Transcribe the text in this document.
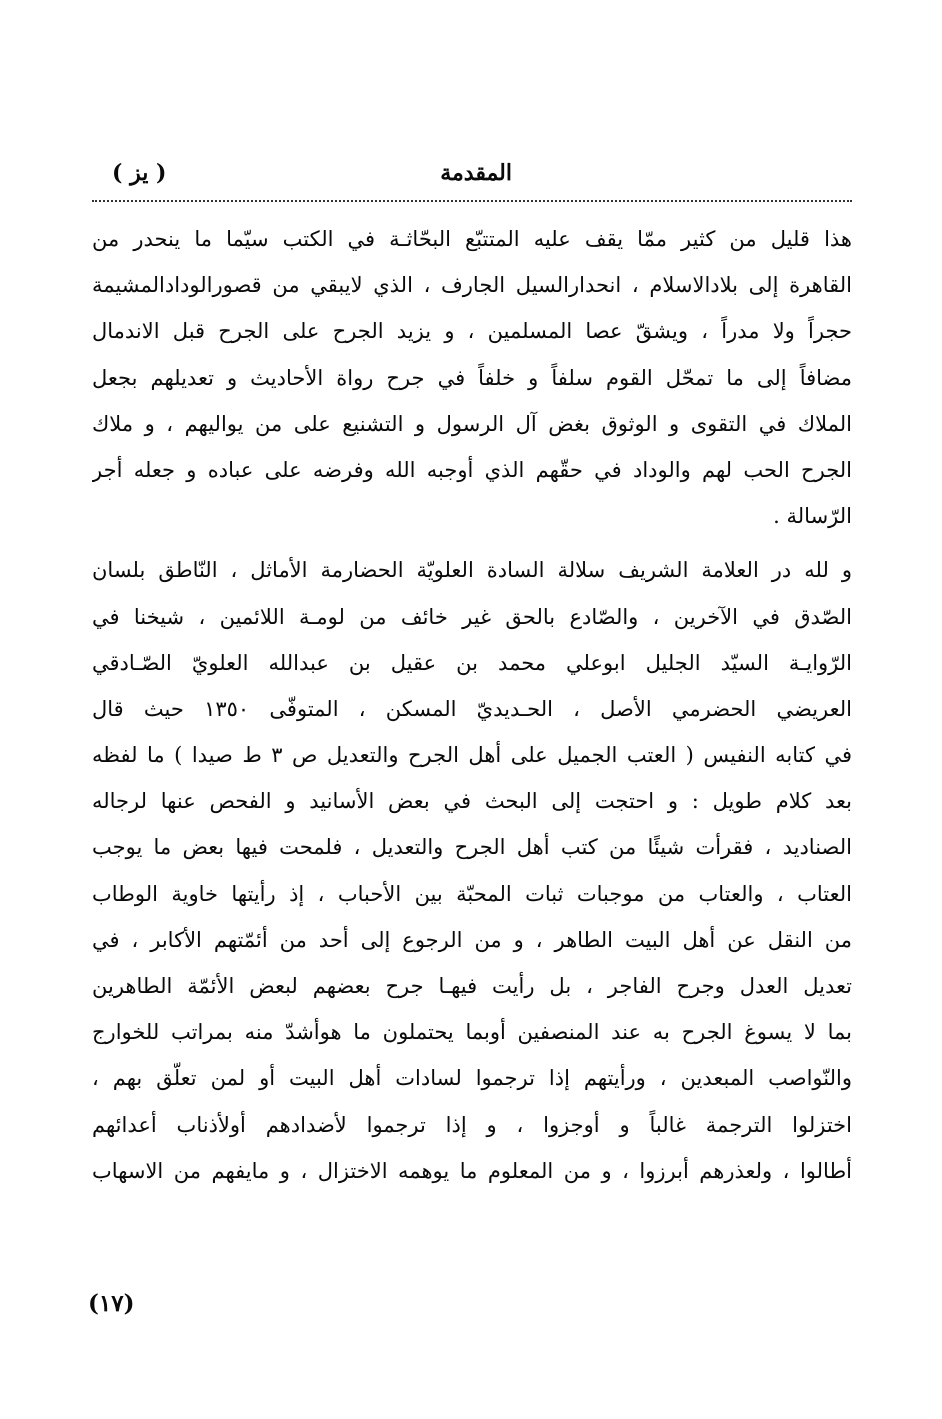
المقدمة
( يز )
هذا قليل من كثير ممّا يقف عليه المتتبّع البحّاثـة في الكتب سيّما ما ينحدر من
القاهرة إلى بلادالاسلام ، انحدارالسيل الجارف ، الذي لايبقي من قصورالودادالمشيمة
حجراً ولا مدراً ، ويشقّ عصا المسلمين ، و يزيد الجرح على الجرح قبل الاندمال
مضافاً إلى ما تمحّل القوم سلفاً و خلفاً في جرح رواة الأحاديث و تعديلهم بجعل
الملاك في التقوى و الوثوق بغض آل الرسول و التشنيع على من يواليهم ، و ملاك
الجرح الحب لهم والوداد في حقّهم الذي أوجبه الله وفرضه على عباده و جعله أجر
الرّسالة .
و لله در العلامة الشريف سلالة السادة العلويّة الحضارمة الأماثل ، النّاطق بلسان
الصّدق في الآخرين ، والصّادع بالحق غير خائف من لومـة اللائمين ، شيخنا في
الرّوايـة السيّد الجليل ابوعلي محمد بن عقيل بن عبدالله العلويّ الصّـادقي
العريضي الحضرمي الأصل ، الحـديديّ المسكن ، المتوفّى ١٣٥٠ حيث قال
في كتابه النفيس ( العتب الجميل على أهل الجرح والتعديل ص ٣ ط صيدا ) ما لفظه
بعد كلام طويل : و احتجت إلى البحث في بعض الأسانيد و الفحص عنها لرجاله
الصناديد ، فقرأت شيئًا من كتب أهل الجرح والتعديل ، فلمحت فيها بعض ما يوجب
العتاب ، والعتاب من موجبات ثبات المحبّة بين الأحباب ، إذ رأيتها خاوية الوطاب
من النقل عن أهل البيت الطاهر ، و من الرجوع إلى أحد من أئمّتهم الأكابر ، في
تعديل العدل وجرح الفاجر ، بل رأيت فيهـا جرح بعضهم لبعض الأئمّة الطاهرين
بما لا يسوغ الجرح به عند المنصفين أوبما يحتملون ما هوأشدّ منه بمراتب للخوارج
والنّواصب المبعدين ، ورأيتهم إذا ترجموا لسادات أهل البيت أو لمن تعلّق بهم ،
اختزلوا الترجمة غالباً و أوجزوا ، و إذا ترجموا لأضدادهم أولأذناب أعدائهم
أطالوا ، ولعذرهم أبرزوا ، و من المعلوم ما يوهمه الاختزال ، و مايفهم من الاسهاب
(١٧)
